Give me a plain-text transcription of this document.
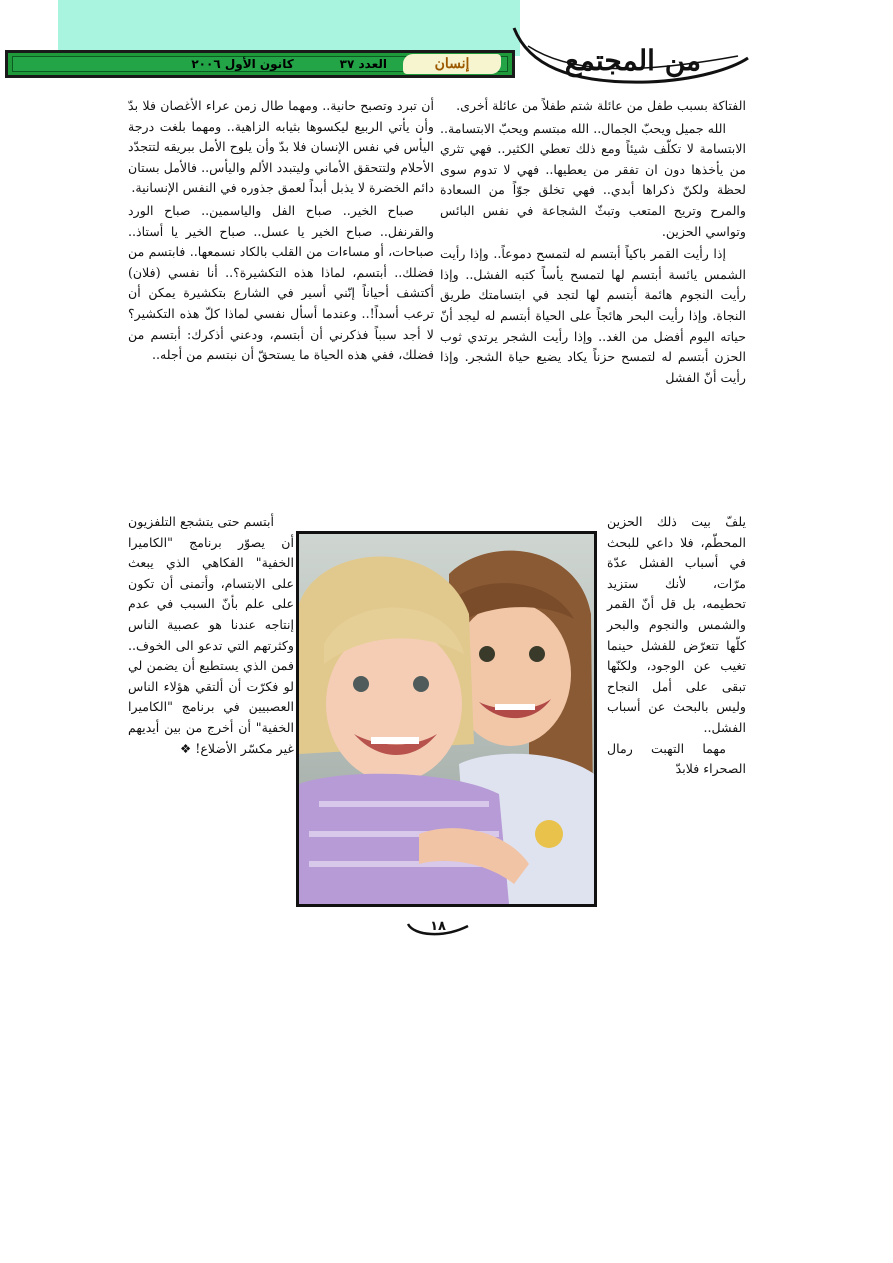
إنسان
العدد ٣٧
كانون الأول ٢٠٠٦	من المجتمع

الفتاكة بسبب طفل من عائلة شتم طفلاً من عائلة أخرى.

الله جميل ويحبّ الجمال.. الله مبتسم ويحبّ الابتسامة.. الابتسامة لا تكلّف شيئاً ومع ذلك تعطي الكثير.. فهي تثري من يأخذها دون ان تفقر من يعطيها.. فهي لا تدوم سوى لحظة ولكنّ ذكراها أبدي.. فهي تخلق جوّاً من السعادة والمرح وتريح المتعب وتبثّ الشجاعة في نفس البائس وتواسي الحزين.

إذا رأيت القمر باكياً أبتسم له لتمسح دموعاً.. وإذا رأيت الشمس يائسة أبتسم لها لتمسح يأساً كتبه الفشل.. وإذا رأيت النجوم هائمة أبتسم لها لتجد في ابتسامتك طريق النجاة. وإذا رأيت البحر هائجاً على الحياة أبتسم له ليجد أنّ حياته اليوم أفضل من الغد.. وإذا رأيت الشجر يرتدي ثوب الحزن أبتسم له لتمسح حزناً يكاد يضيع حياة الشجر. وإذا رأيت أنّ الفشل

يلفّ بيت ذلك الحزين المحطّم، فلا داعي للبحث في أسباب الفشل عدّة مرّات، لأنك ستزيد تحطيمه، بل قل أنّ القمر والشمس والنجوم والبحر كلّها تتعرّض للفشل حينما تغيب عن الوجود، ولكنّها تبقى على أمل النجاح وليس بالبحث عن أسباب الفشل..

مهما التهبت رمال الصحراء فلابدّ

أن تبرد وتصبح حانية.. ومهما طال زمن عراء الأغصان فلا بدّ وأن يأتي الربيع ليكسوها بثيابه الزاهية.. ومهما بلغت درجة اليأس في نفس الإنسان فلا بدّ وأن يلوح الأمل ببريقه لتتجدّد الأحلام ولتتحقق الأماني وليتبدد الألم واليأس.. فالأمل بستان دائم الخضرة لا يذبل أبداً لعمق جذوره في النفس الإنسانية.

صباح الخير.. صباح الفل والياسمين.. صباح الورد والقرنفل.. صباح الخير يا عسل.. صباح الخير يا أستاذ.. صباحات، أو مساءات من القلب بالكاد نسمعها.. فابتسم من فضلك.. أبتسم، لماذا هذه التكشيرة؟.. أنا نفسي (فلان) أكتشف أحياناً إنّني أسير في الشارع بتكشيرة يمكن أن ترعب أسداً!.. وعندما أسأل نفسي لماذا كلّ هذه التكشير؟ لا أجد سبباً فذكرني أن أبتسم، ودعني أذكرك: أبتسم من فضلك، ففي هذه الحياة ما يستحقّ أن نبتسم من أجله..

أبتسم حتى يتشجع التلفزيون أن يصوّر برنامج "الكاميرا الخفية" الفكاهي الذي يبعث على الابتسام، وأتمنى أن تكون على علم بأنّ السبب في عدم إنتاجه عندنا هو عصبية الناس وكثرتهم التي تدعو الى الخوف.. فمن الذي يستطيع أن يضمن لي لو فكرّت أن ألتقي هؤلاء الناس العصبيين في برنامج "الكاميرا الخفية" أن أخرج من بين أيديهم غير مكسّر الأضلاع! ❖

١٨
